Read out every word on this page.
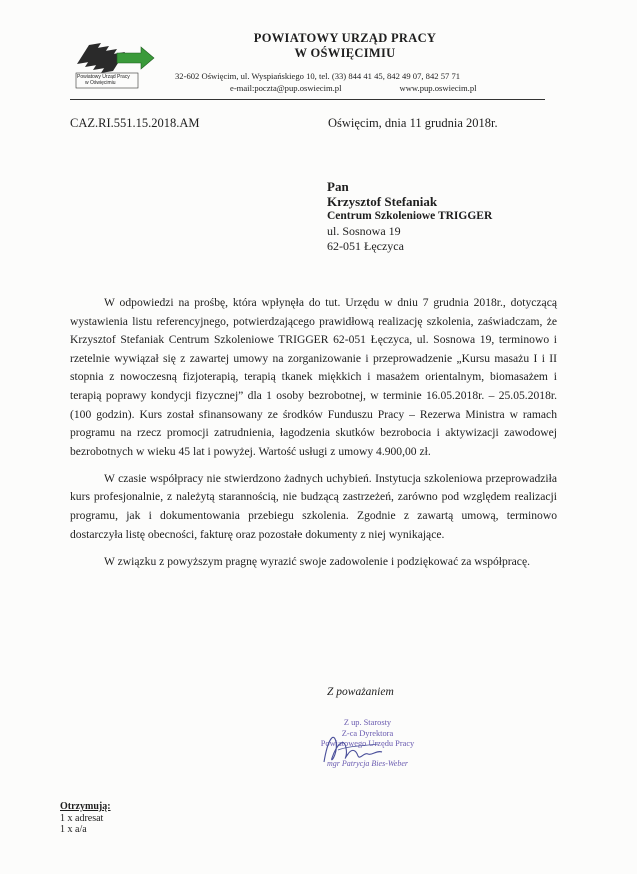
Powiatowy Urząd Pracy
w Oświęcimiu
POWIATOWY URZĄD PRACY
W OŚWIĘCIMIU
32-602 Oświęcim, ul. Wyspiańskiego 10, tel. (33) 844 41 45, 842 49 07, 842 57 71
e-mail:poczta@pup.oswiecim.pl	www.pup.oswiecim.pl
CAZ.RI.551.15.2018.AM	Oświęcim, dnia 11 grudnia 2018r.
Pan
Krzysztof Stefaniak
Centrum Szkoleniowe TRIGGER
ul. Sosnowa 19
62-051 Łęczyca

W odpowiedzi na prośbę, która wpłynęła do tut. Urzędu w dniu 7 grudnia 2018r., dotyczącą wystawienia listu referencyjnego, potwierdzającego prawidłową realizację szkolenia, zaświadczam, że Krzysztof Stefaniak Centrum Szkoleniowe TRIGGER 62-051 Łęczyca, ul. Sosnowa 19, terminowo i rzetelnie wywiązał się z zawartej umowy na zorganizowanie i przeprowadzenie „Kursu masażu I i II stopnia z nowoczesną fizjoterapią, terapią tkanek miękkich i masażem orientalnym, biomasażem i terapią poprawy kondycji fizycznej” dla 1 osoby bezrobotnej, w terminie 16.05.2018r. – 25.05.2018r. (100 godzin). Kurs został sfinansowany ze środków Funduszu Pracy – Rezerwa Ministra w ramach programu na rzecz promocji zatrudnienia, łagodzenia skutków bezrobocia i aktywizacji zawodowej bezrobotnych w wieku 45 lat i powyżej. Wartość usługi z umowy 4.900,00 zł.

W czasie współpracy nie stwierdzono żadnych uchybień. Instytucja szkoleniowa przeprowadziła kurs profesjonalnie, z należytą starannością, nie budzącą zastrzeżeń, zarówno pod względem realizacji programu, jak i dokumentowania przebiegu szkolenia. Zgodnie z zawartą umową, terminowo dostarczyła listę obecności, fakturę oraz pozostałe dokumenty z niej wynikające.

W związku z powyższym pragnę wyrazić swoje zadowolenie i podziękować za współpracę.

Z poważaniem
Z up. Starosty
Z-ca Dyrektora
Powiatowego Urzędu Pracy
mgr Patrycja Bies-Weber
Otrzymują:
1 x adresat
1 x a/a
